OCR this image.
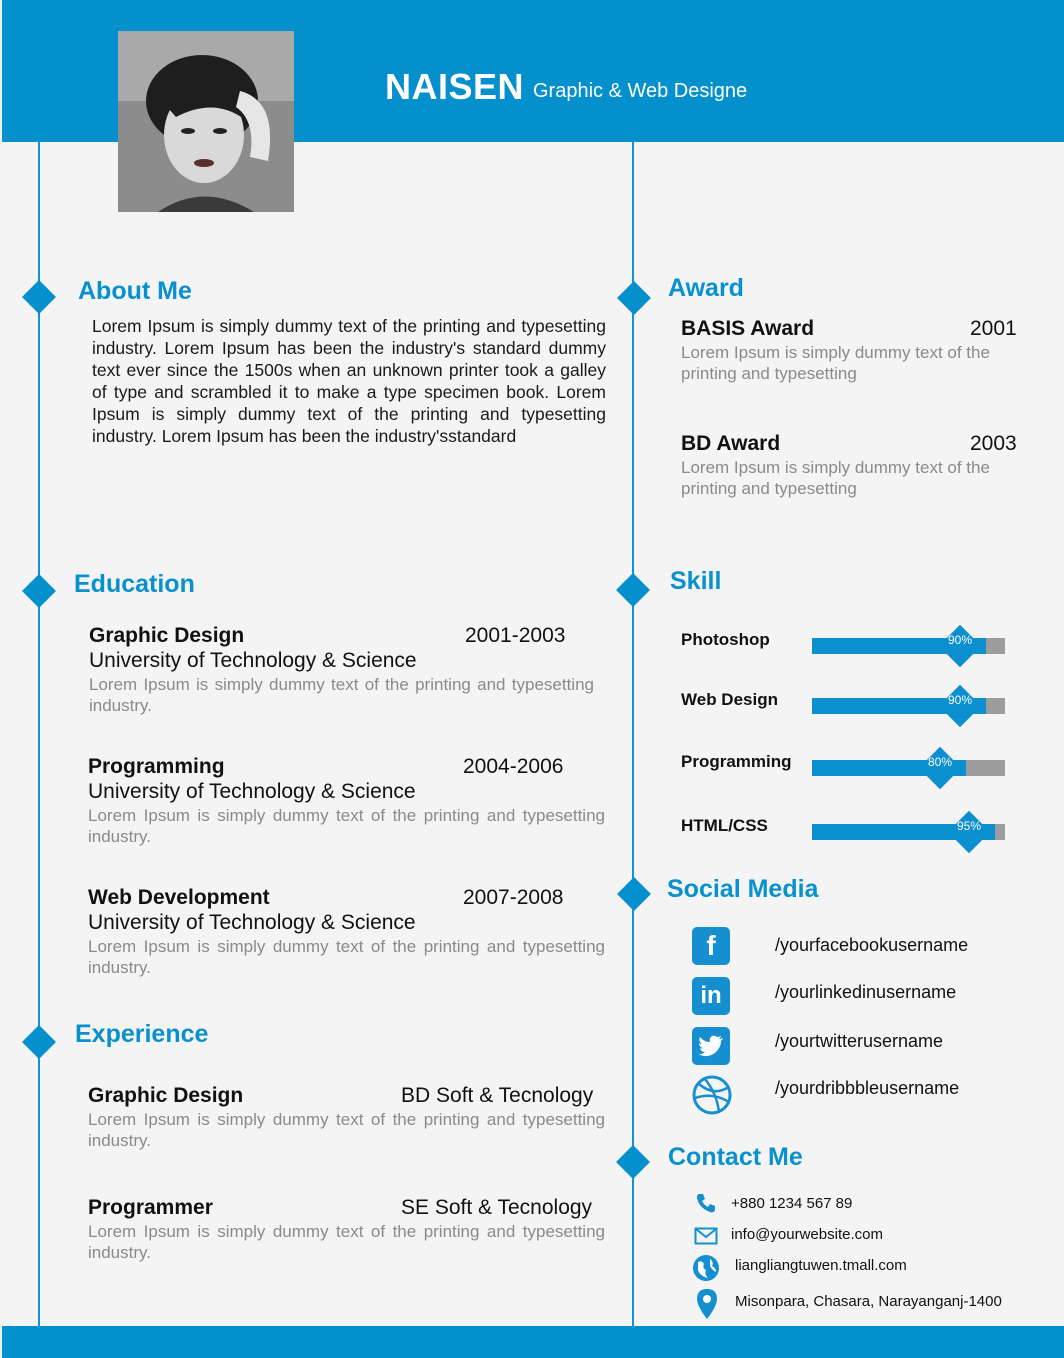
NAISEN Graphic & Web Designe
About Me
Lorem Ipsum is simply dummy text of the printing and typesetting industry. Lorem Ipsum has been the industry's standard dummy text ever since the 1500s when an unknown printer took a galley of type and scrambled it to make a type specimen book. Lorem Ipsum is simply dummy text of the printing and typesetting industry. Lorem Ipsum has been the industry'sstandard
Education
Graphic Design	2001-2003
University of Technology & Science
Lorem Ipsum is simply dummy text of the printing and typesetting industry.
Programming	2004-2006
University of Technology & Science
Lorem Ipsum is simply dummy text of the printing and typesetting industry.
Web Development	2007-2008
University of Technology & Science
Lorem Ipsum is simply dummy text of the printing and typesetting industry.
Experience
Graphic Design	BD Soft & Tecnology
Lorem Ipsum is simply dummy text of the printing and typesetting industry.
Programmer	SE Soft & Tecnology
Lorem Ipsum is simply dummy text of the printing and typesetting industry.
Award
BASIS Award	2001
Lorem Ipsum is simply dummy text of the printing and typesetting
BD Award	2003
Lorem Ipsum is simply dummy text of the printing and typesetting
Skill
Photoshop	90%
Web Design	90%
Programming	80%
HTML/CSS	95%
Social Media
f	/yourfacebookusername
in	/yourlinkedinusername
/yourtwitterusername
/yourdribbbleusername
Contact Me
+880 1234 567 89
info@yourwebsite.com
liangliangtuwen.tmall.com
Misonpara, Chasara, Narayanganj-1400
